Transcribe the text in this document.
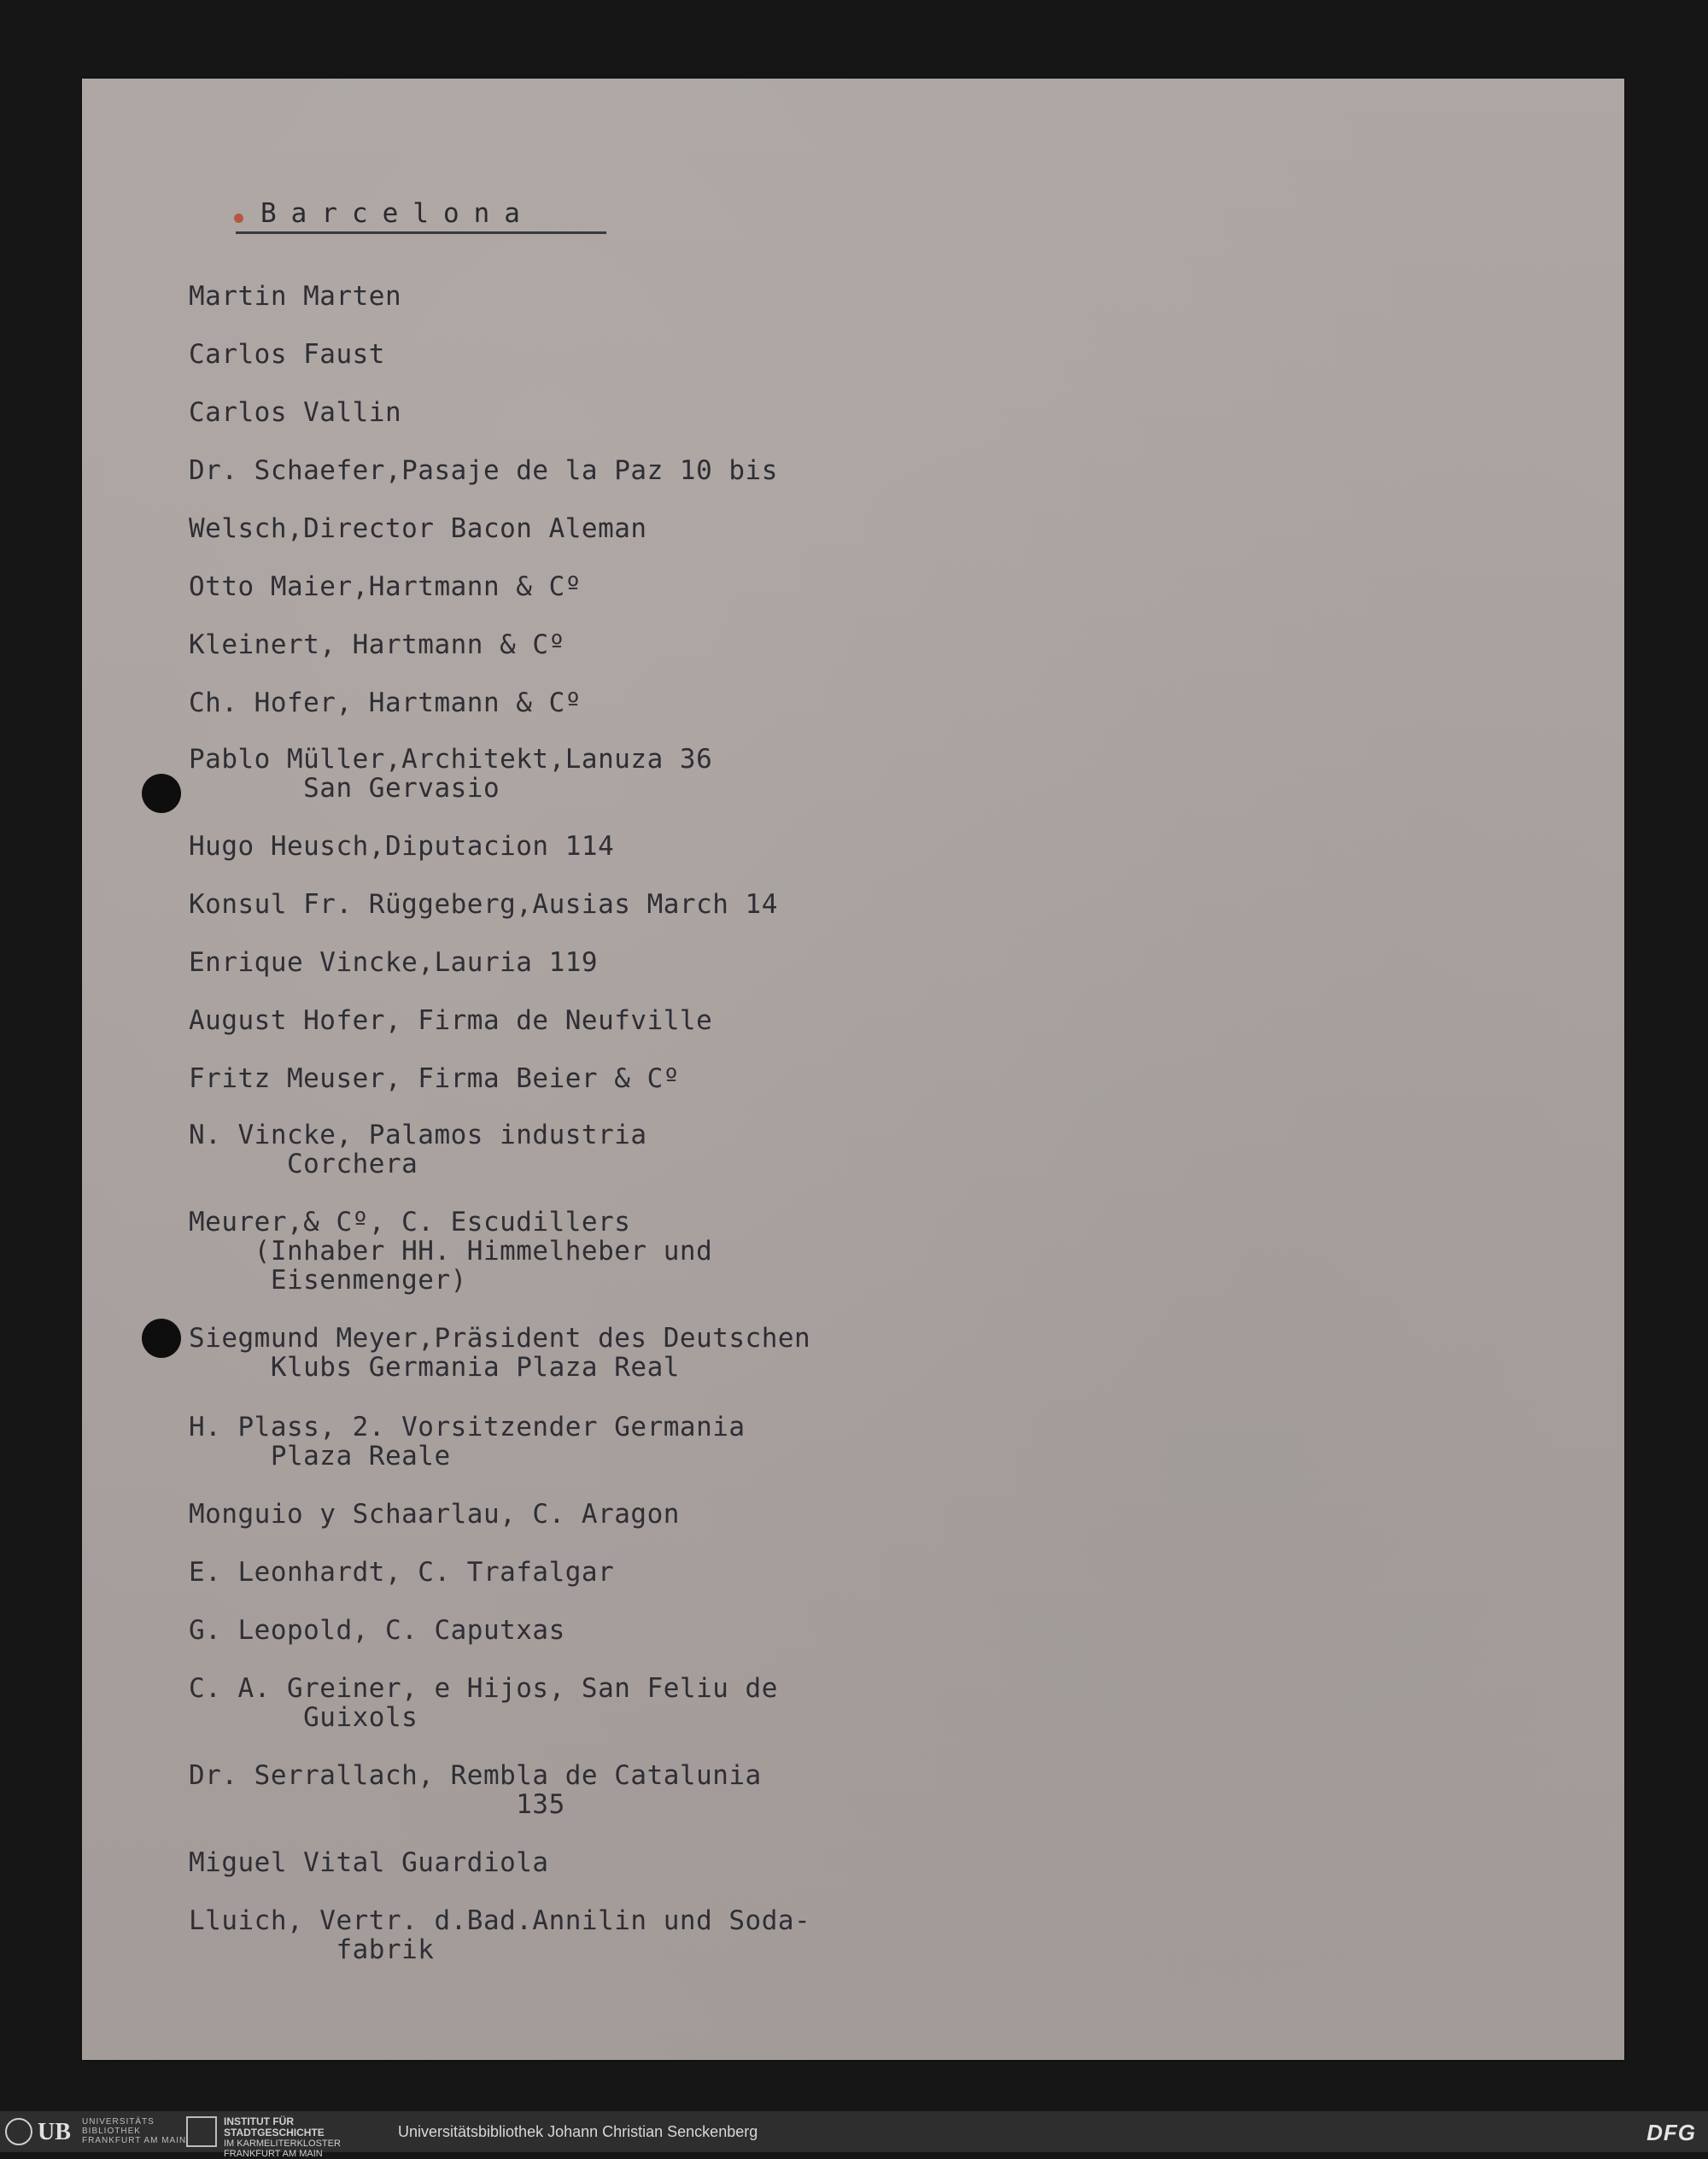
Barcelona
Martin Marten
Carlos Faust
Carlos Vallin
Dr. Schaefer,Pasaje de la Paz 10 bis
Welsch,Director Bacon Aleman
Otto Maier,Hartmann & Cº
Kleinert, Hartmann & Cº
Ch. Hofer, Hartmann & Cº
Pablo Müller,Architekt,Lanuza 36
San Gervasio
Hugo Heusch,Diputacion 114
Konsul Fr. Rüggeberg,Ausias March 14
Enrique Vincke,Lauria 119
August Hofer, Firma de Neufville
Fritz Meuser, Firma Beier & Cº
N. Vincke, Palamos industria
Corchera
Meurer,& Cº, C. Escudillers
(Inhaber HH. Himmelheber und
Eisenmenger)
Siegmund Meyer,Präsident des Deutschen
Klubs Germania Plaza Real
H. Plass, 2. Vorsitzender Germania
Plaza Reale
Monguio y Schaarlau, C. Aragon
E. Leonhardt, C. Trafalgar
G. Leopold, C. Caputxas
C. A. Greiner, e Hijos, San Feliu de
Guixols
Dr. Serrallach, Rembla de Catalunia
135
Miguel Vital Guardiola
Lluich, Vertr. d.Bad.Annilin und Soda-
fabrik
UB UNIVERSITÄTS
BIBLIOTHEK
FRANKFURT AM MAIN
INSTITUT FÜR
STADTGESCHICHTE
IM KARMELITERKLOSTER
FRANKFURT AM MAIN
Universitätsbibliothek Johann Christian Senckenberg	DFG
